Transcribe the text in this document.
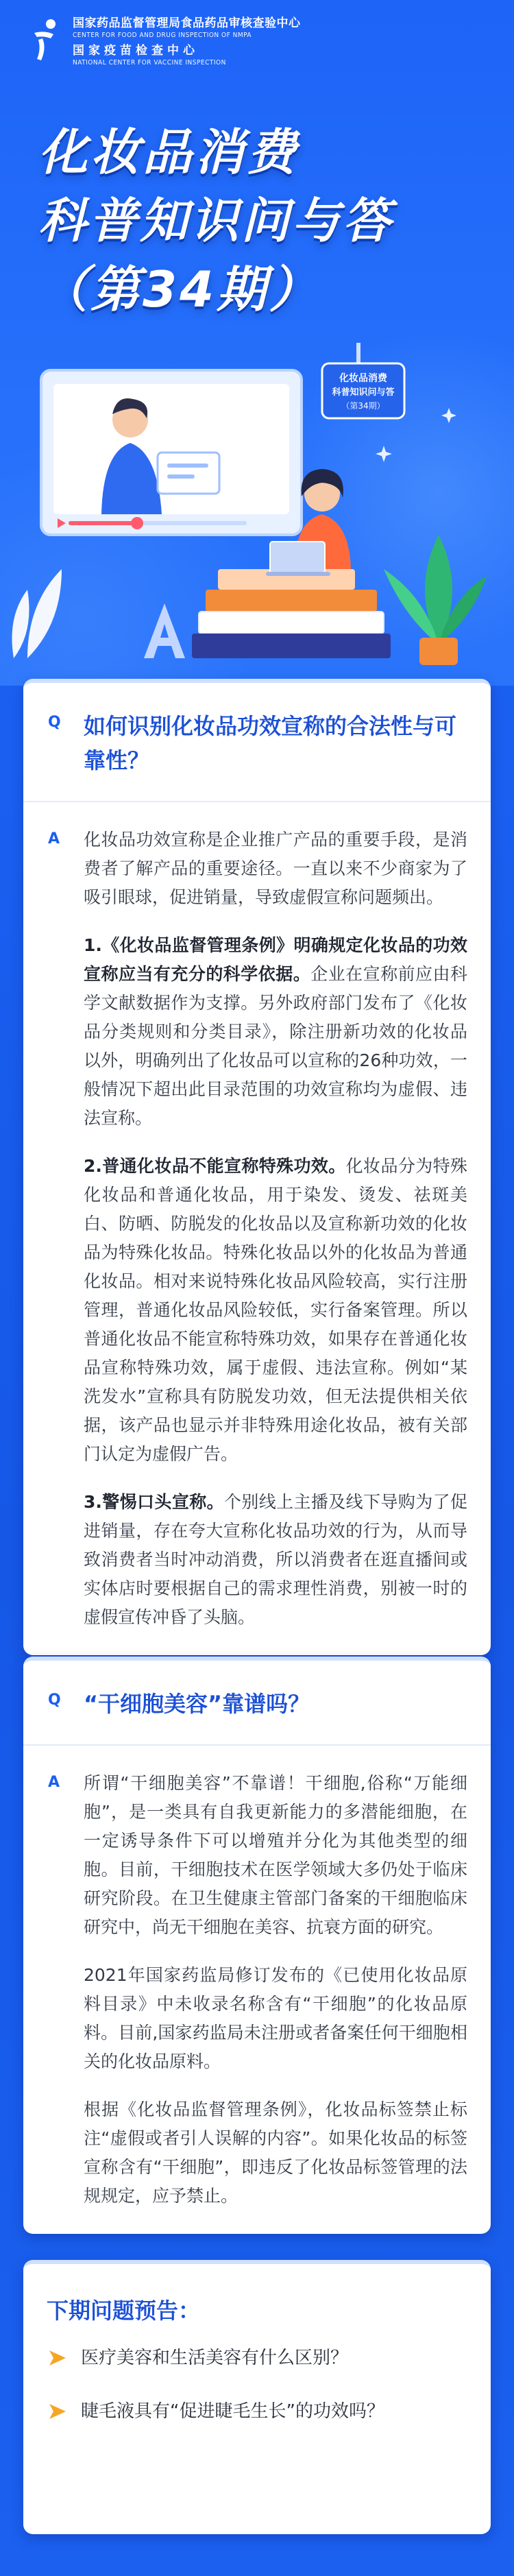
国家药品监督管理局食品药品审核查验中心
CENTER FOR FOOD AND DRUG INSPECTION OF NMPA
国家疫苗检查中心
NATIONAL CENTER FOR VACCINE INSPECTION
化妆品消费
科普知识问与答
（第34期）
化妆品消费
科普知识问与答
（第34期）
Q 如何识别化妆品功效宣称的合法性与可靠性？
A 化妆品功效宣称是企业推广产品的重要手段，是消费者了解产品的重要途径。一直以来不少商家为了吸引眼球，促进销量，导致虚假宣称问题频出。

1.《化妆品监督管理条例》明确规定化妆品的功效宣称应当有充分的科学依据。企业在宣称前应由科学文献数据作为支撑。另外政府部门发布了《化妆品分类规则和分类目录》，除注册新功效的化妆品以外，明确列出了化妆品可以宣称的26种功效，一般情况下超出此目录范围的功效宣称均为虚假、违法宣称。

2.普通化妆品不能宣称特殊功效。化妆品分为特殊化妆品和普通化妆品，用于染发、烫发、祛斑美白、防晒、防脱发的化妆品以及宣称新功效的化妆品为特殊化妆品。特殊化妆品以外的化妆品为普通化妆品。相对来说特殊化妆品风险较高，实行注册管理，普通化妆品风险较低，实行备案管理。所以普通化妆品不能宣称特殊功效，如果存在普通化妆品宣称特殊功效，属于虚假、违法宣称。例如“某洗发水”宣称具有防脱发功效，但无法提供相关依据，该产品也显示并非特殊用途化妆品，被有关部门认定为虚假广告。

3.警惕口头宣称。个别线上主播及线下导购为了促进销量，存在夸大宣称化妆品功效的行为，从而导致消费者当时冲动消费，所以消费者在逛直播间或实体店时要根据自己的需求理性消费，别被一时的虚假宣传冲昏了头脑。

Q “干细胞美容”靠谱吗？
A 所谓“干细胞美容”不靠谱！干细胞,俗称“万能细胞”，是一类具有自我更新能力的多潜能细胞，在一定诱导条件下可以增殖并分化为其他类型的细胞。目前，干细胞技术在医学领域大多仍处于临床研究阶段。在卫生健康主管部门备案的干细胞临床研究中，尚无干细胞在美容、抗衰方面的研究。

2021年国家药监局修订发布的《已使用化妆品原料目录》中未收录名称含有“干细胞”的化妆品原料。目前,国家药监局未注册或者备案任何干细胞相关的化妆品原料。

根据《化妆品监督管理条例》，化妆品标签禁止标注“虚假或者引人误解的内容”。如果化妆品的标签宣称含有“干细胞”，即违反了化妆品标签管理的法规规定，应予禁止。

下期问题预告：
医疗美容和生活美容有什么区别？
睫毛液具有“促进睫毛生长”的功效吗？
